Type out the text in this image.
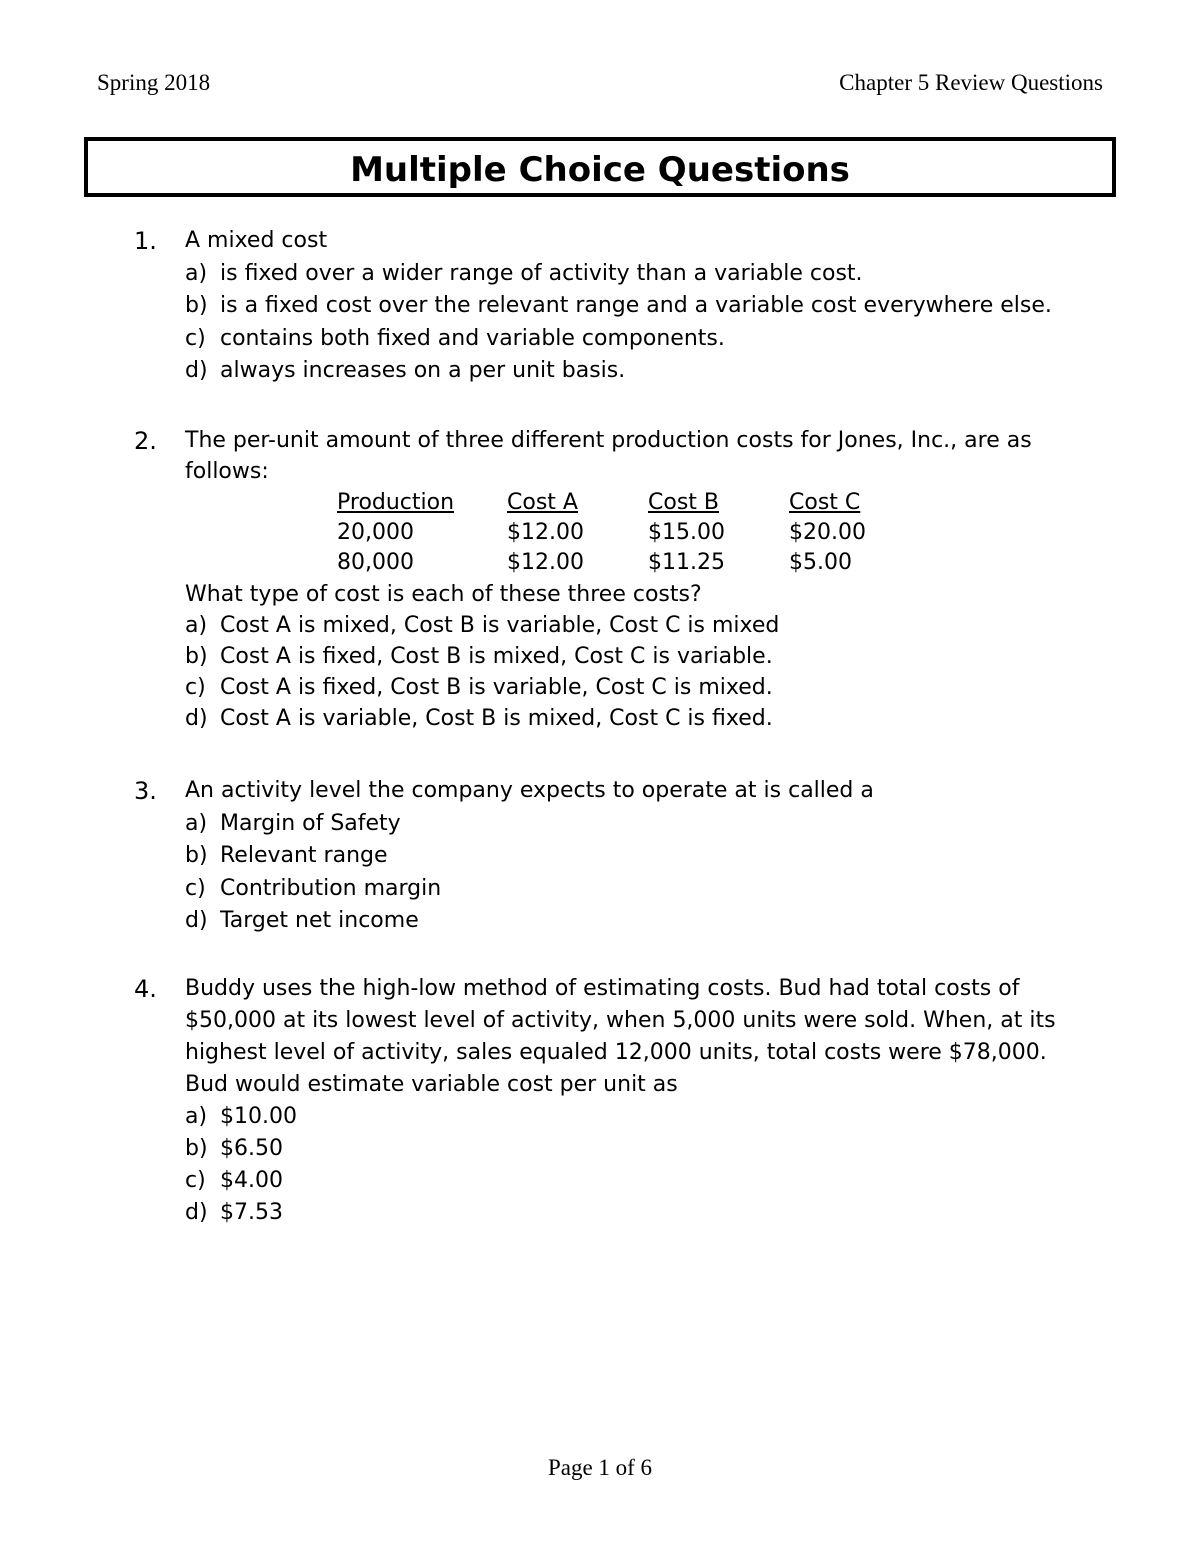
Spring 2018	Chapter 5 Review Questions
Multiple Choice Questions
1. A mixed cost
a) is fixed over a wider range of activity than a variable cost.
b) is a fixed cost over the relevant range and a variable cost everywhere else.
c) contains both fixed and variable components.
d) always increases on a per unit basis.
2. The per-unit amount of three different production costs for Jones, Inc., are as follows:
Production Cost A	Cost B	Cost C
20,000	$12.00	$15.00	$20.00
80,000	$12.00	$11.25	$5.00
What type of cost is each of these three costs?
a) Cost A is mixed, Cost B is variable, Cost C is mixed
b) Cost A is fixed, Cost B is mixed, Cost C is variable.
c) Cost A is fixed, Cost B is variable, Cost C is mixed.
d) Cost A is variable, Cost B is mixed, Cost C is fixed.
3. An activity level the company expects to operate at is called a
a) Margin of Safety
b) Relevant range
c) Contribution margin
d) Target net income
4. Buddy uses the high-low method of estimating costs. Bud had total costs of $50,000 at its lowest level of activity, when 5,000 units were sold. When, at its highest level of activity, sales equaled 12,000 units, total costs were $78,000. Bud would estimate variable cost per unit as
a) $10.00
b) $6.50
c) $4.00
d) $7.53
Page 1 of 6
